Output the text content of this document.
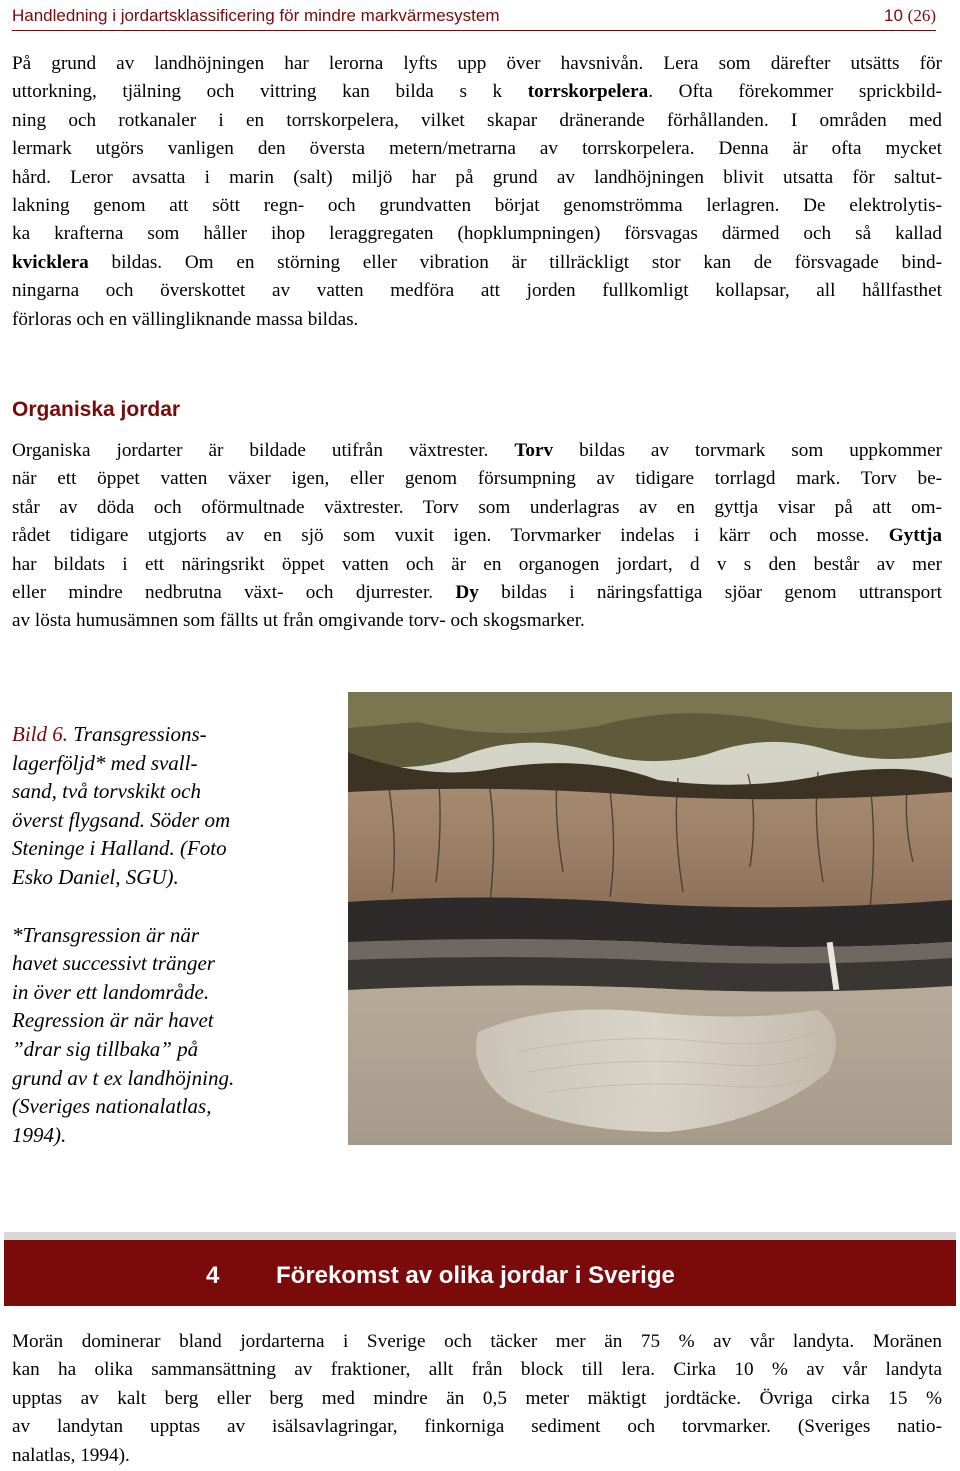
Handledning i jordartsklassificering för mindre markvärmesystem	10 (26)
På grund av landhöjningen har lerorna lyfts upp över havsnivån. Lera som därefter utsätts för
uttorkning, tjälning och vittring kan bilda s k torrskorpelera. Ofta förekommer sprickbild-
ning och rotkanaler i en torrskorpelera, vilket skapar dränerande förhållanden. I områden med
lermark utgörs vanligen den översta metern/metrarna av torrskorpelera. Denna är ofta mycket
hård. Leror avsatta i marin (salt) miljö har på grund av landhöjningen blivit utsatta för saltut-
lakning genom att sött regn- och grundvatten börjat genomströmma lerlagren. De elektrolytis-
ka krafterna som håller ihop leraggregaten (hopklumpningen) försvagas därmed och så kallad
kvicklera bildas. Om en störning eller vibration är tillräckligt stor kan de försvagade bind-
ningarna och överskottet av vatten medföra att jorden fullkomligt kollapsar, all hållfasthet
förloras och en vällingliknande massa bildas.
Organiska jordar
Organiska jordarter är bildade utifrån växtrester. Torv bildas av torvmark som uppkommer
när ett öppet vatten växer igen, eller genom försumpning av tidigare torrlagd mark. Torv be-
står av döda och oförmultnade växtrester. Torv som underlagras av en gyttja visar på att om-
rådet tidigare utgjorts av en sjö som vuxit igen. Torvmarker indelas i kärr och mosse. Gyttja
har bildats i ett näringsrikt öppet vatten och är en organogen jordart, d v s den består av mer
eller mindre nedbrutna växt- och djurrester. Dy bildas i näringsfattiga sjöar genom uttransport
av lösta humusämnen som fällts ut från omgivande torv- och skogsmarker.

Bild 6. Transgressions-
lagerföljd* med svall-
sand, två torvskikt och
överst flygsand. Söder om
Steninge i Halland. (Foto
Esko Daniel, SGU).

*Transgression är när
havet successivt tränger
in över ett landområde.
Regression är när havet
”drar sig tillbaka” på
grund av t ex landhöjning.
(Sveriges nationalatlas,
1994).

4 Förekomst av olika jordar i Sverige
Morän dominerar bland jordarterna i Sverige och täcker mer än 75 % av vår landyta. Moränen
kan ha olika sammansättning av fraktioner, allt från block till lera. Cirka 10 % av vår landyta
upptas av kalt berg eller berg med mindre än 0,5 meter mäktigt jordtäcke. Övriga cirka 15 %
av landytan upptas av isälsavlagringar, finkorniga sediment och torvmarker. (Sveriges natio-
nalatlas, 1994).
